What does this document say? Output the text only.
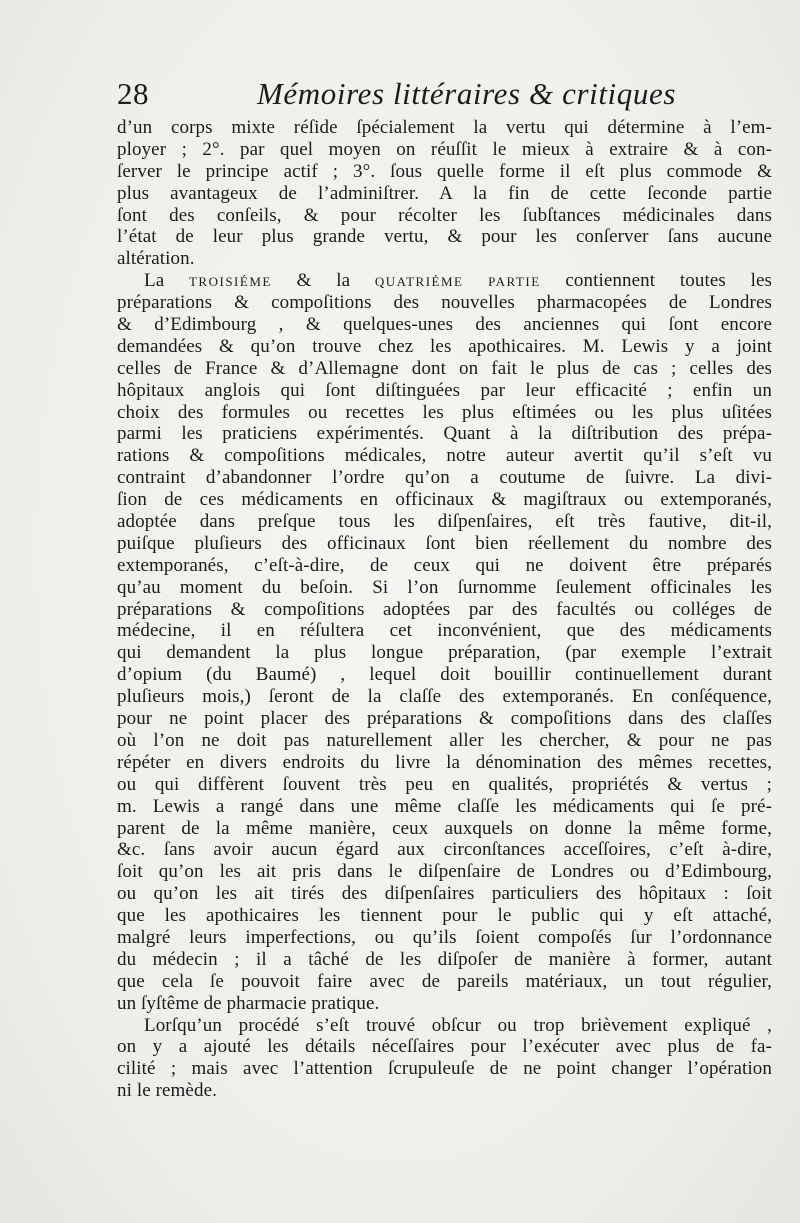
28	Mémoires littéraires & critiques
d’un corps mixte réſide ſpécialement la vertu qui détermine à l’em-
ployer ; 2°. par quel moyen on réuſſit le mieux à extraire & à con-
ſerver le principe actif ; 3°. ſous quelle forme il eſt plus commode &
plus avantageux de l’adminiſtrer. A la fin de cette ſeconde partie
ſont des conſeils, & pour récolter les ſubſtances médicinales dans
l’état de leur plus grande vertu, & pour les conſerver ſans aucune
altération.
La TROISIÉME & la QUATRIÉME PARTIE contiennent toutes les
préparations & compoſitions des nouvelles pharmacopées de Londres
& d’Edimbourg , & quelques-unes des anciennes qui ſont encore
demandées & qu’on trouve chez les apothicaires. M. Lewis y a joint
celles de France & d’Allemagne dont on fait le plus de cas ; celles des
hôpitaux anglois qui ſont diſtinguées par leur efficacité ; enfin un
choix des formules ou recettes les plus eſtimées ou les plus uſitées
parmi les praticiens expérimentés. Quant à la diſtribution des prépa-
rations & compoſitions médicales, notre auteur avertit qu’il s’eſt vu
contraint d’abandonner l’ordre qu’on a coutume de ſuivre. La divi-
ſion de ces médicaments en officinaux & magiſtraux ou extemporanés,
adoptée dans preſque tous les diſpenſaires, eſt très fautive, dit-il,
puiſque pluſieurs des officinaux ſont bien réellement du nombre des
extemporanés, c’eſt-à-dire, de ceux qui ne doivent être préparés
qu’au moment du beſoin. Si l’on ſurnomme ſeulement officinales les
préparations & compoſitions adoptées par des facultés ou colléges de
médecine, il en réſultera cet inconvénient, que des médicaments
qui demandent la plus longue préparation, (par exemple l’extrait
d’opium (du Baumé) , lequel doit bouillir continuellement durant
pluſieurs mois,) ſeront de la claſſe des extemporanés. En conſéquence,
pour ne point placer des préparations & compoſitions dans des claſſes
où l’on ne doit pas naturellement aller les chercher, & pour ne pas
répéter en divers endroits du livre la dénomination des mêmes recettes,
ou qui diffèrent ſouvent très peu en qualités, propriétés & vertus ;
m. Lewis a rangé dans une même claſſe les médicaments qui ſe pré-
parent de la même manière, ceux auxquels on donne la même forme,
&c. ſans avoir aucun égard aux circonſtances acceſſoires, c’eſt à-dire,
ſoit qu’on les ait pris dans le diſpenſaire de Londres ou d’Edimbourg,
ou qu’on les ait tirés des diſpenſaires particuliers des hôpitaux : ſoit
que les apothicaires les tiennent pour le public qui y eſt attaché,
malgré leurs imperfections, ou qu’ils ſoient compoſés ſur l’ordonnance
du médecin ; il a tâché de les diſpoſer de manière à former, autant
que cela ſe pouvoit faire avec de pareils matériaux, un tout régulier,
un ſyſtême de pharmacie pratique.
Lorſqu’un procédé s’eſt trouvé obſcur ou trop brièvement expliqué ,
on y a ajouté les détails néceſſaires pour l’exécuter avec plus de fa-
cilité ; mais avec l’attention ſcrupuleuſe de ne point changer l’opération
ni le remède.
